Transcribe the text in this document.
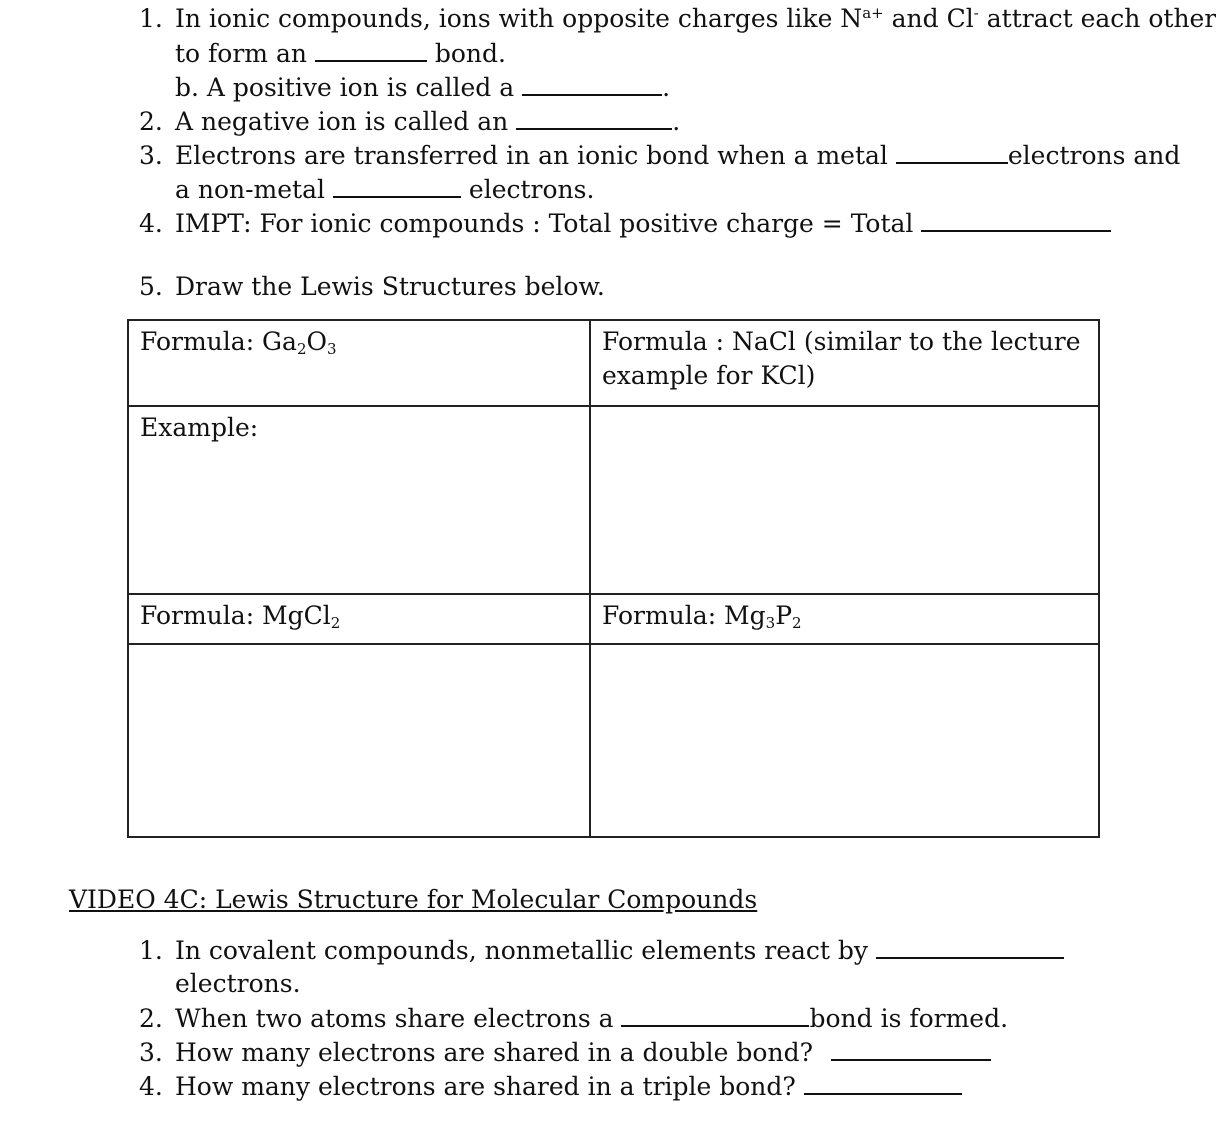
1. In ionic compounds, ions with opposite charges like $N^{a+}$ and Cl- attract each other
to form an	bond.
b. A positive ion is called a	.
2. A negative ion is called an	.
3. Electrons are transferred in an ionic bond when a metal	electrons and
a non-metal	electrons.
4. IMPT: For ionic compounds : Total positive charge = Total
5. Draw the Lewis Structures below.
Formula: $Ga_2O_3$	Formula : NaCl (similar to the lecture
example for KCl)

Example:	
Formula: MgCl$_2$	Formula: $Mg_3P_2$

VIDEO 4C: Lewis Structure for Molecular Compounds
1. In covalent compounds, nonmetallic elements react by
electrons.
2. When two atoms share electrons a	bond is formed.
3. How many electrons are shared in a double bond?
4. How many electrons are shared in a triple bond?
